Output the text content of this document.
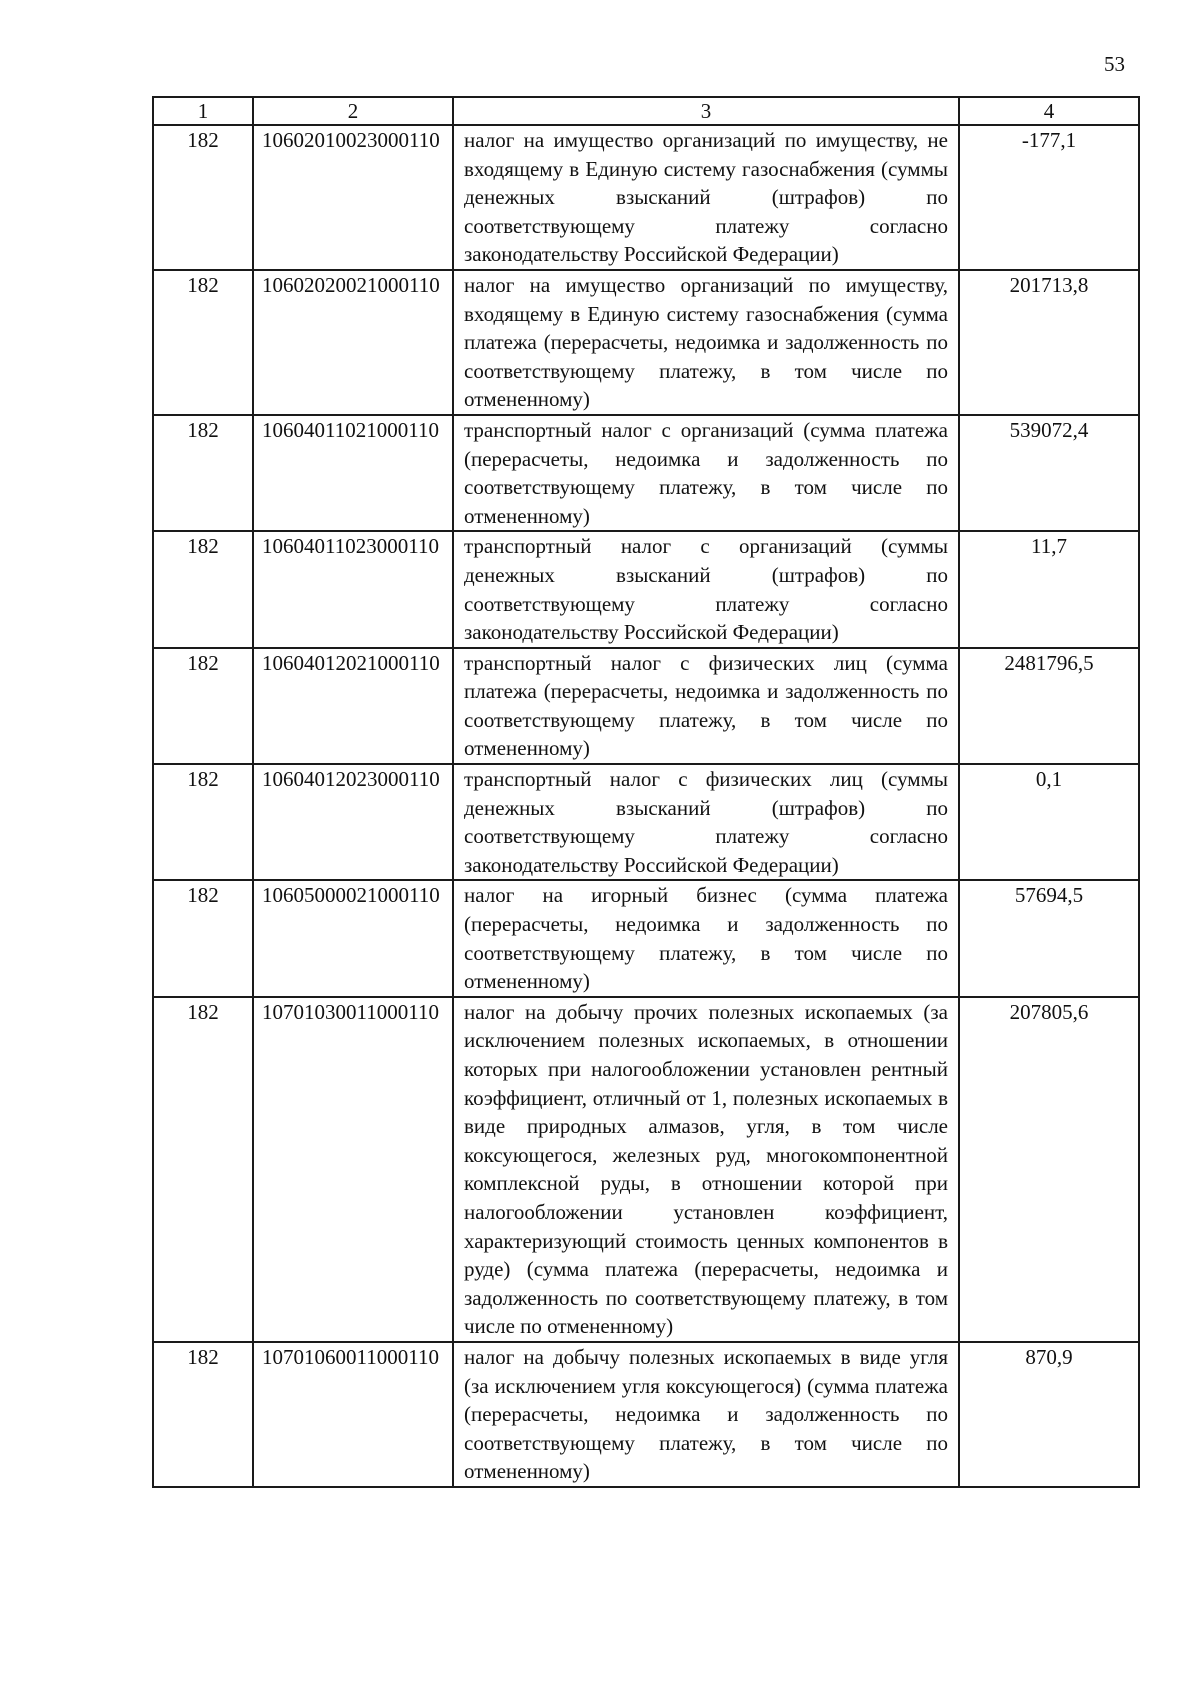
53
1	2	3	4
182	10602010023000110	налог на имущество организаций по имуществу, не входящему в Единую систему газоснабжения (суммы денежных взысканий (штрафов) по соответствующему платежу согласно законодательству Российской Федерации)	-177,1
182	10602020021000110	налог на имущество организаций по имуществу, входящему в Единую систему газоснабжения (сумма платежа (перерасчеты, недоимка и задолженность по соответствующему платежу, в том числе по отмененному)	201713,8
182	10604011021000110	транспортный налог с организаций (сумма платежа (перерасчеты, недоимка и задолженность по соответствующему платежу, в том числе по отмененному)	539072,4
182	10604011023000110	транспортный налог с организаций (суммы денежных взысканий (штрафов) по соответствующему платежу согласно законодательству Российской Федерации)	11,7
182	10604012021000110	транспортный налог с физических лиц (сумма платежа (перерасчеты, недоимка и задолженность по соответствующему платежу, в том числе по отмененному)	2481796,5
182	10604012023000110	транспортный налог с физических лиц (суммы денежных взысканий (штрафов) по соответствующему платежу согласно законодательству Российской Федерации)	0,1
182	10605000021000110	налог на игорный бизнес (сумма платежа (перерасчеты, недоимка и задолженность по соответствующему платежу, в том числе по отмененному)	57694,5
182	10701030011000110	налог на добычу прочих полезных ископаемых (за исключением полезных ископаемых, в отношении которых при налогообложении установлен рентный коэффициент, отличный от 1, полезных ископаемых в виде природных алмазов, угля, в том числе коксующегося, железных руд, многокомпонентной комплексной руды, в отношении которой при налогообложении установлен коэффициент, характеризующий стоимость ценных компонентов в руде) (сумма платежа (перерасчеты, недоимка и задолженность по соответствующему платежу, в том числе по отмененному)	207805,6
182	10701060011000110	налог на добычу полезных ископаемых в виде угля (за исключением угля коксующегося) (сумма платежа (перерасчеты, недоимка и задолженность по соответствующему платежу, в том числе по отмененному)	870,9
